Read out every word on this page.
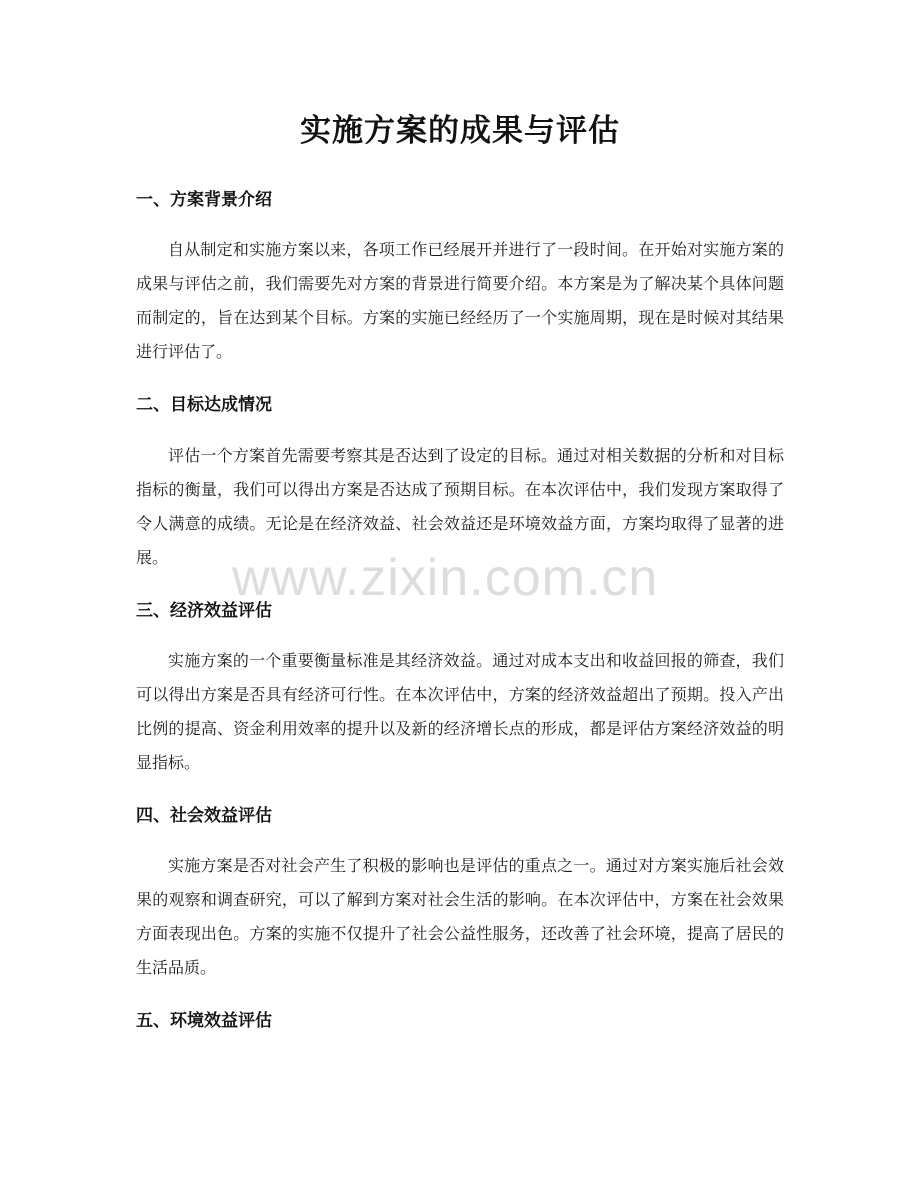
实施方案的成果与评估
一、方案背景介绍

自从制定和实施方案以来，各项工作已经展开并进行了一段时间。在开始对实施方案的成果与评估之前，我们需要先对方案的背景进行简要介绍。本方案是为了解决某个具体问题而制定的，旨在达到某个目标。方案的实施已经经历了一个实施周期，现在是时候对其结果进行评估了。

二、目标达成情况

评估一个方案首先需要考察其是否达到了设定的目标。通过对相关数据的分析和对目标指标的衡量，我们可以得出方案是否达成了预期目标。在本次评估中，我们发现方案取得了令人满意的成绩。无论是在经济效益、社会效益还是环境效益方面，方案均取得了显著的进展。

三、经济效益评估

实施方案的一个重要衡量标准是其经济效益。通过对成本支出和收益回报的筛查，我们可以得出方案是否具有经济可行性。在本次评估中，方案的经济效益超出了预期。投入产出比例的提高、资金利用效率的提升以及新的经济增长点的形成，都是评估方案经济效益的明显指标。

四、社会效益评估

实施方案是否对社会产生了积极的影响也是评估的重点之一。通过对方案实施后社会效果的观察和调查研究，可以了解到方案对社会生活的影响。在本次评估中，方案在社会效果方面表现出色。方案的实施不仅提升了社会公益性服务，还改善了社会环境，提高了居民的生活品质。

五、环境效益评估
www.zixin.com.cn
